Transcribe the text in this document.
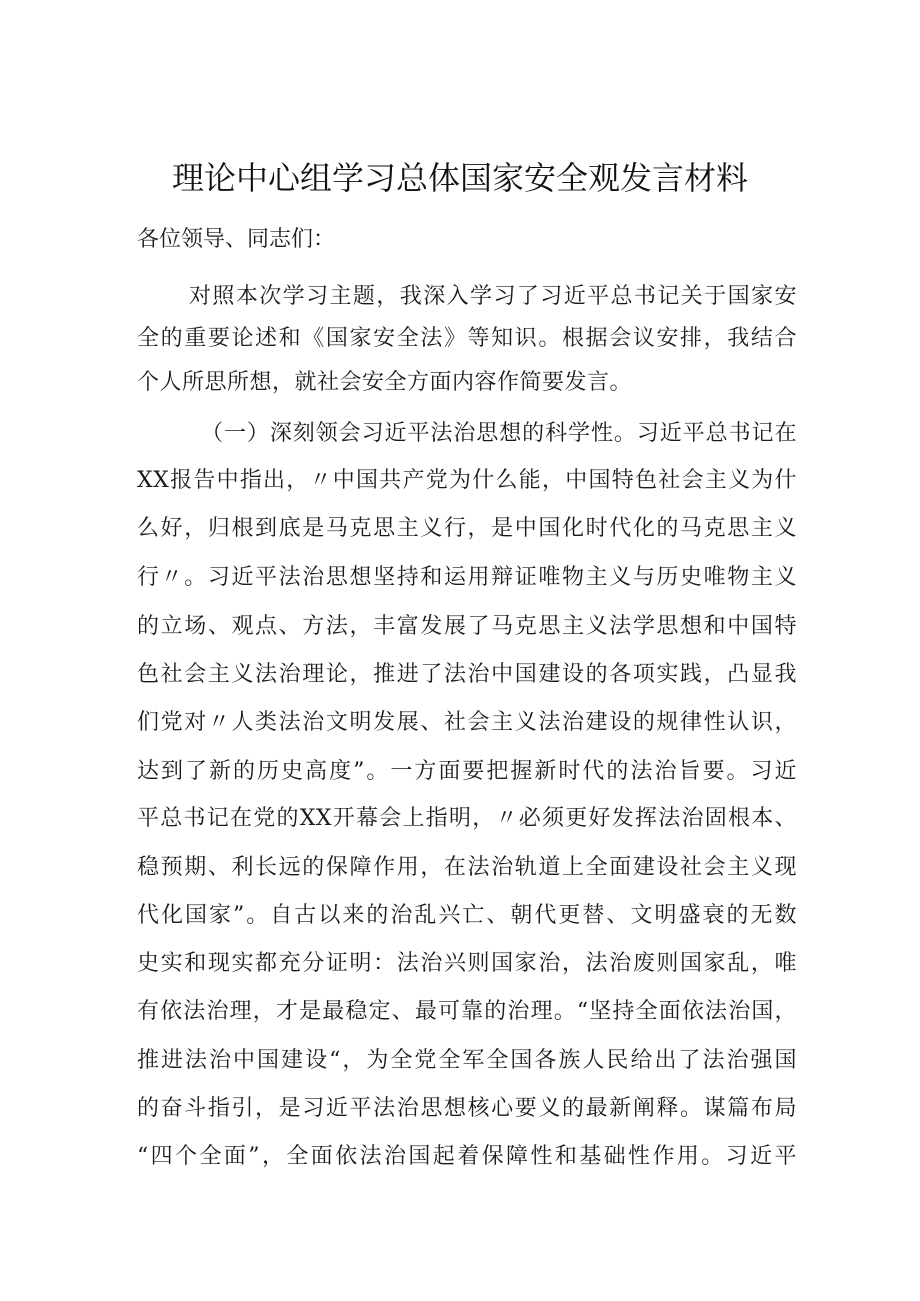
理论中心组学习总体国家安全观发言材料

各位领导、同志们：

对照本次学习主题，我深入学习了习近平总书记关于国家安

全的重要论述和《国家安全法》等知识。根据会议安排，我结合

个人所思所想，就社会安全方面内容作简要发言。

（一）深刻领会习近平法治思想的科学性。习近平总书记在

XX报告中指出，〃中国共产党为什么能，中国特色社会主义为什

么好，归根到底是马克思主义行，是中国化时代化的马克思主义

行〃。习近平法治思想坚持和运用辩证唯物主义与历史唯物主义

的立场、观点、方法，丰富发展了马克思主义法学思想和中国特

色社会主义法治理论，推进了法治中国建设的各项实践，凸显我

们党对〃人类法治文明发展、社会主义法治建设的规律性认识，

达到了新的历史高度”。一方面要把握新时代的法治旨要。习近

平总书记在党的XX开幕会上指明，〃必须更好发挥法治固根本、

稳预期、利长远的保障作用，在法治轨道上全面建设社会主义现

代化国家”。自古以来的治乱兴亡、朝代更替、文明盛衰的无数

史实和现实都充分证明：法治兴则国家治，法治废则国家乱，唯

有依法治理，才是最稳定、最可靠的治理。“坚持全面依法治国，

推进法治中国建设“，为全党全军全国各族人民给出了法治强国

的奋斗指引，是习近平法治思想核心要义的最新阐释。谋篇布局

“四个全面”，全面依法治国起着保障性和基础性作用。习近平
